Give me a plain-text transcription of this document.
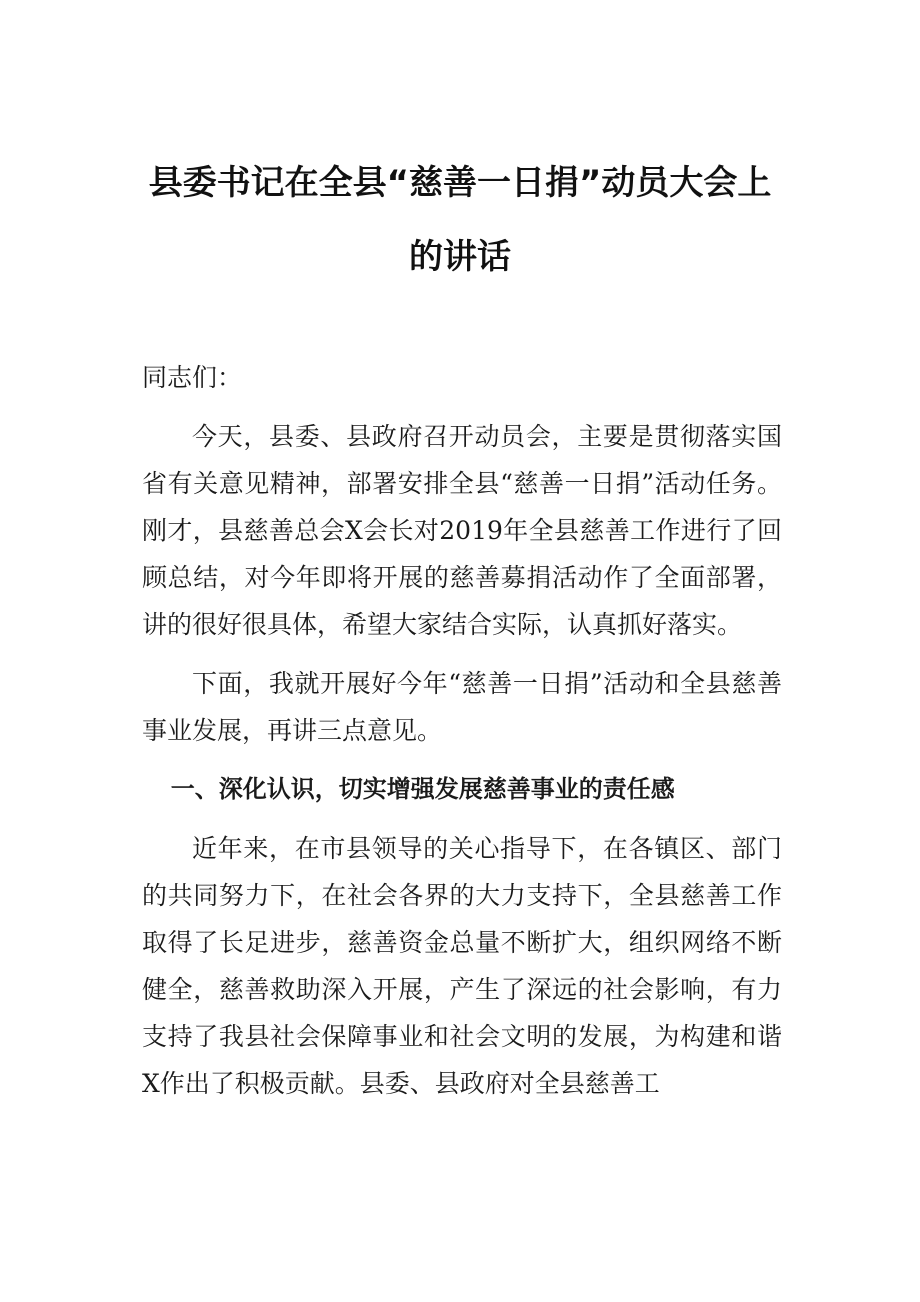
县委书记在全县“慈善一日捐”动员大会上
的讲话

同志们：

今天，县委、县政府召开动员会，主要是贯彻落实国省有关意见精神，部署安排全县“慈善一日捐”活动任务。刚才，县慈善总会X会长对2019年全县慈善工作进行了回顾总结，对今年即将开展的慈善募捐活动作了全面部署，讲的很好很具体，希望大家结合实际，认真抓好落实。

下面，我就开展好今年“慈善一日捐”活动和全县慈善事业发展，再讲三点意见。

一、深化认识，切实增强发展慈善事业的责任感

近年来，在市县领导的关心指导下，在各镇区、部门的共同努力下，在社会各界的大力支持下，全县慈善工作取得了长足进步，慈善资金总量不断扩大，组织网络不断健全，慈善救助深入开展，产生了深远的社会影响，有力支持了我县社会保障事业和社会文明的发展，为构建和谐X作出了积极贡献。县委、县政府对全县慈善工
